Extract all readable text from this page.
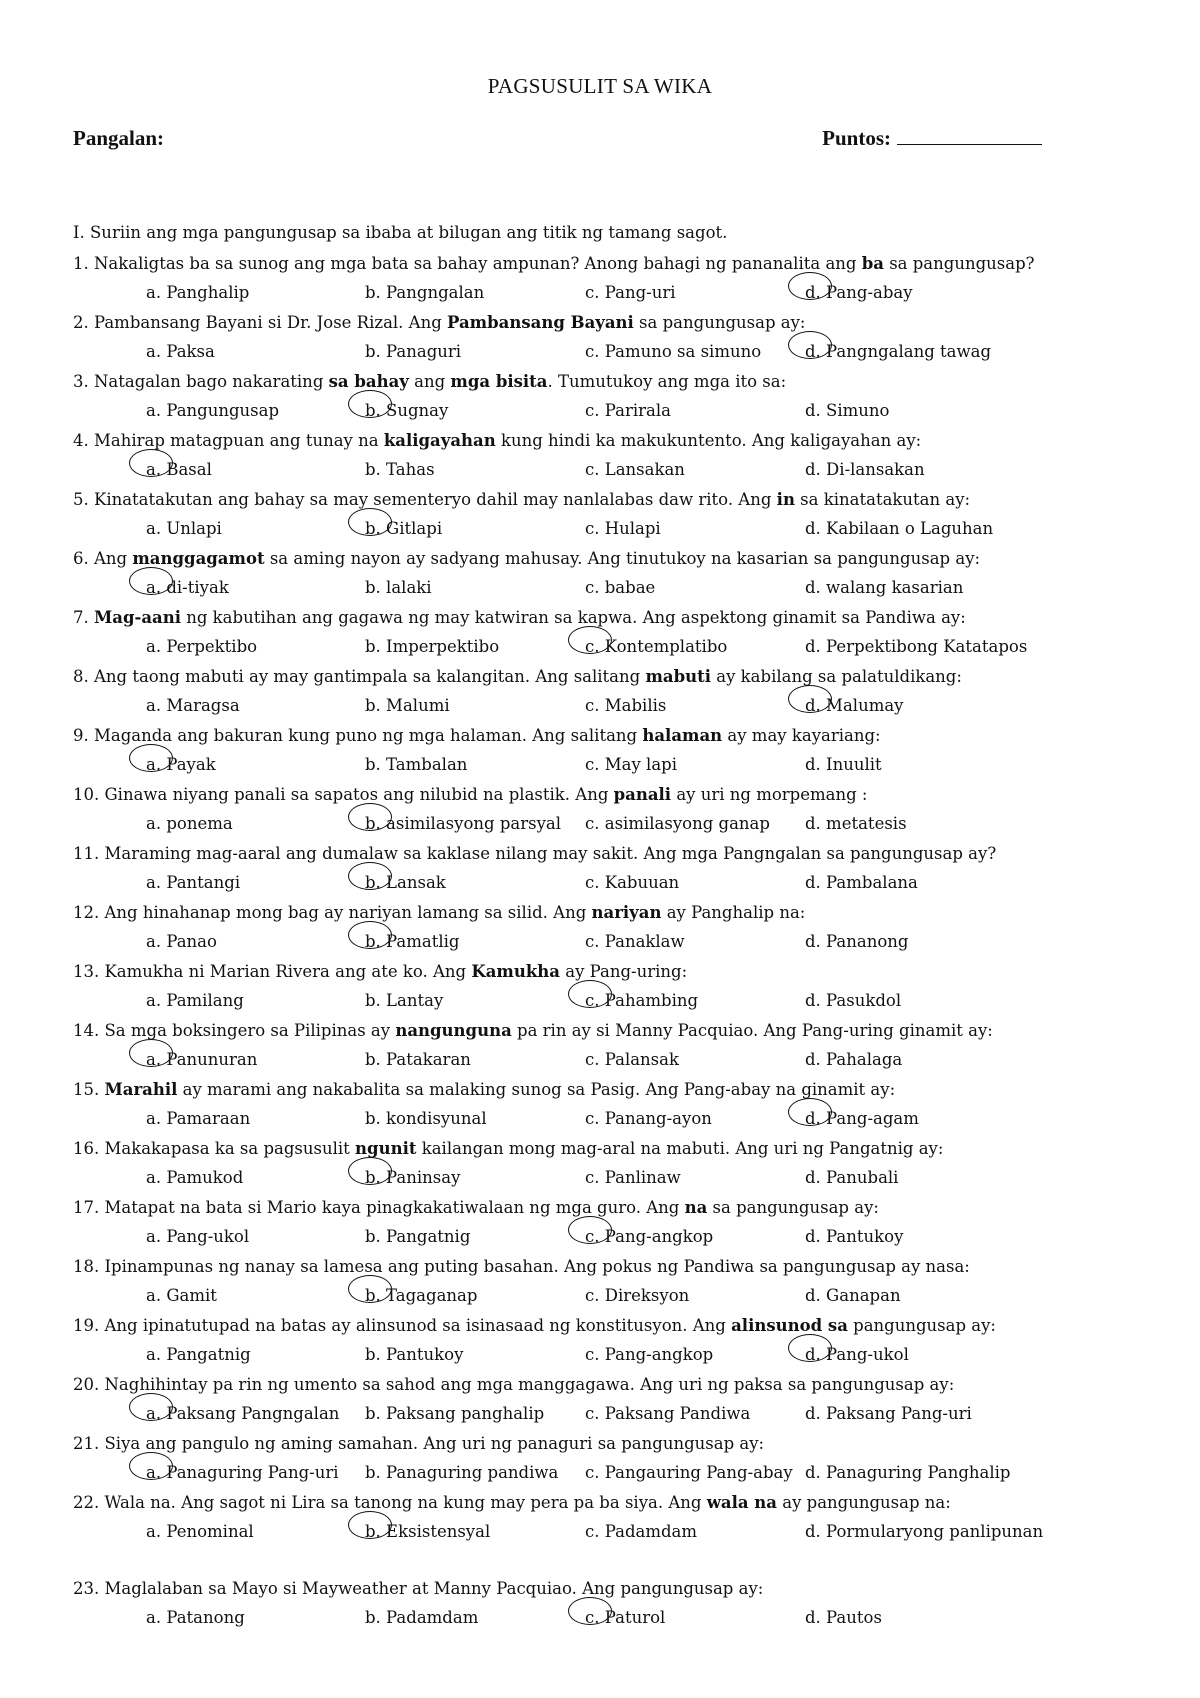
PAGSUSULIT SA WIKA
Pangalan:	Puntos:
I. Suriin ang mga pangungusap sa ibaba at bilugan ang titik ng tamang sagot.
1. Nakaligtas ba sa sunog ang mga bata sa bahay ampunan? Anong bahagi ng pananalita ang ba sa pangungusap?
a. Panghalip	b. Pangngalan	c. Pang-uri	d.
Pang-abay
2. Pambansang Bayani si Dr. Jose Rizal. Ang Pambansang Bayani sa pangungusap ay:
a. Paksa	b. Panaguri	c. Pamuno sa simuno	d.
Pangngalang tawag
3. Natagalan bago nakarating sa bahay ang mga bisita. Tumutukoy ang mga ito sa:
a. Pangungusap	b.
Sugnay	c. Parirala	d. Simuno
4. Mahirap matagpuan ang tunay na kaligayahan kung hindi ka makukuntento. Ang kaligayahan ay:
a.
Basal	b. Tahas	c. Lansakan	d. Di-lansakan
5. Kinatatakutan ang bahay sa may sementeryo dahil may nanlalabas daw rito. Ang in sa kinatatakutan ay:
a. Unlapi	b.
Gitlapi	c. Hulapi	d. Kabilaan o Laguhan
6. Ang manggagamot sa aming nayon ay sadyang mahusay. Ang tinutukoy na kasarian sa pangungusap ay:
a.
di-tiyak	b. lalaki	c. babae	d. walang kasarian
7. Mag-aani ng kabutihan ang gagawa ng may katwiran sa kapwa. Ang aspektong ginamit sa Pandiwa ay:
a. Perpektibo	b. Imperpektibo	c.
Kontemplatibo	d. Perpektibong Katatapos
8. Ang taong mabuti ay may gantimpala sa kalangitan. Ang salitang mabuti ay kabilang sa palatuldikang:
a. Maragsa	b. Malumi	c. Mabilis	d.
Malumay
9. Maganda ang bakuran kung puno ng mga halaman. Ang salitang halaman ay may kayariang:
a.
Payak	b. Tambalan	c. May lapi	d. Inuulit
10. Ginawa niyang panali sa sapatos ang nilubid na plastik. Ang panali ay uri ng morpemang :
a. ponema	b.
asimilasyong parsyal c. asimilasyong ganap d. metatesis
11. Maraming mag-aaral ang dumalaw sa kaklase nilang may sakit. Ang mga Pangngalan sa pangungusap ay?
a. Pantangi	b.
Lansak	c. Kabuuan	d. Pambalana
12. Ang hinahanap mong bag ay nariyan lamang sa silid. Ang nariyan ay Panghalip na:
a. Panao	b.
Pamatlig	c. Panaklaw	d. Pananong
13. Kamukha ni Marian Rivera ang ate ko. Ang Kamukha ay Pang-uring:
a. Pamilang	b. Lantay	c.
Pahambing	d. Pasukdol
14. Sa mga boksingero sa Pilipinas ay nangunguna pa rin ay si Manny Pacquiao. Ang Pang-uring ginamit ay:
a.
Panunuran	b. Patakaran	c. Palansak	d. Pahalaga
15. Marahil ay marami ang nakabalita sa malaking sunog sa Pasig. Ang Pang-abay na ginamit ay:
a. Pamaraan	b. kondisyunal	c. Panang-ayon	d.
Pang-agam
16. Makakapasa ka sa pagsusulit ngunit kailangan mong mag-aral na mabuti. Ang uri ng Pangatnig ay:
a. Pamukod	b.
Paninsay	c. Panlinaw	d. Panubali
17. Matapat na bata si Mario kaya pinagkakatiwalaan ng mga guro. Ang na sa pangungusap ay:
a. Pang-ukol	b. Pangatnig	c.
Pang-angkop	d. Pantukoy
18. Ipinampunas ng nanay sa lamesa ang puting basahan. Ang pokus ng Pandiwa sa pangungusap ay nasa:
a. Gamit	b.
Tagaganap	c. Direksyon	d. Ganapan
19. Ang ipinatutupad na batas ay alinsunod sa isinasaad ng konstitusyon. Ang alinsunod sa pangungusap ay:
a. Pangatnig	b. Pantukoy	c. Pang-angkop	d.
Pang-ukol
20. Naghihintay pa rin ng umento sa sahod ang mga manggagawa. Ang uri ng paksa sa pangungusap ay:
a.
Paksang Pangngalan b. Paksang panghalip c. Paksang Pandiwa	d. Paksang Pang-uri
21. Siya ang pangulo ng aming samahan. Ang uri ng panaguri sa pangungusap ay:
a.
Panaguring Pang-uri b. Panaguring pandiwa c. Pangauring Pang-abay d. Panaguring Panghalip
22. Wala na. Ang sagot ni Lira sa tanong na kung may pera pa ba siya. Ang wala na ay pangungusap na:
a. Penominal	b.
Eksistensyal	c. Padamdam	d. Pormularyong panlipunan
23. Maglalaban sa Mayo si Mayweather at Manny Pacquiao. Ang pangungusap ay:
a. Patanong	b. Padamdam	c.
Paturol	d. Pautos
